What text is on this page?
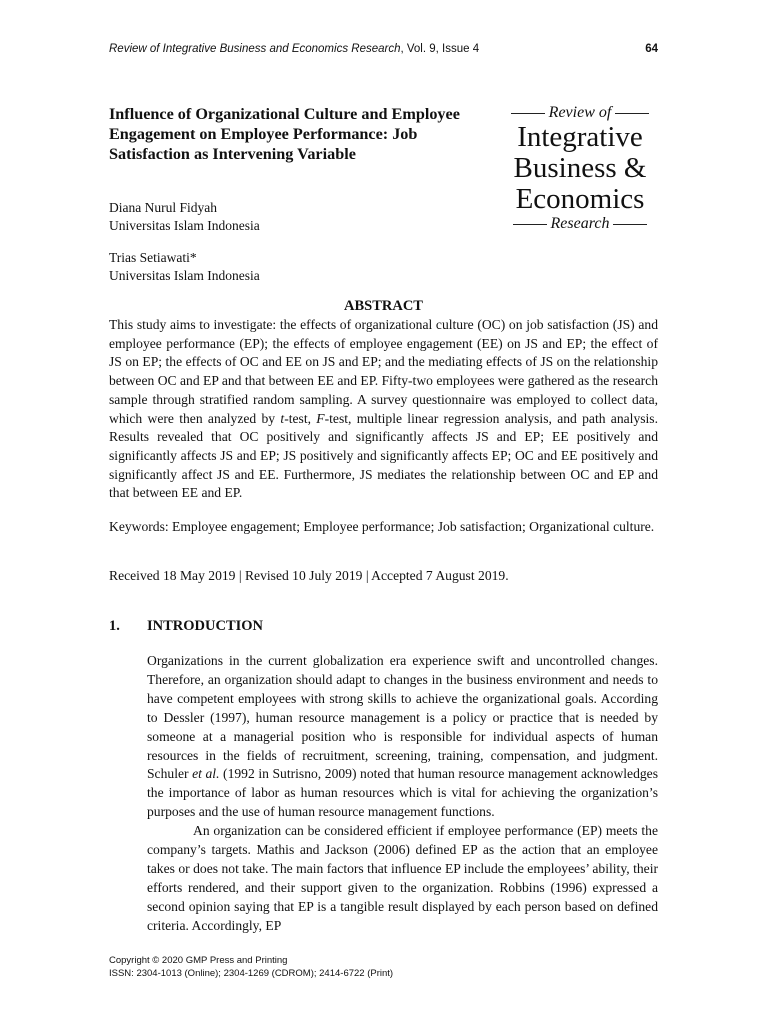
Review of Integrative Business and Economics Research, Vol. 9, Issue 4	64
Influence of Organizational Culture and Employee Engagement on Employee Performance: Job Satisfaction as Intervening Variable
Diana Nurul Fidyah
Universitas Islam Indonesia
Trias Setiawati*
Universitas Islam Indonesia
Review of
Integrative
Business &
Economics
Research
ABSTRACT

This study aims to investigate: the effects of organizational culture (OC) on job satisfaction (JS) and employee performance (EP); the effects of employee engagement (EE) on JS and EP; the effect of JS on EP; the effects of OC and EE on JS and EP; and the mediating effects of JS on the relationship between OC and EP and that between EE and EP. Fifty-two employees were gathered as the research sample through stratified random sampling. A survey questionnaire was employed to collect data, which were then analyzed by t-test, F-test, multiple linear regression analysis, and path analysis. Results revealed that OC positively and significantly affects JS and EP; EE positively and significantly affects JS and EP; JS positively and significantly affects EP; OC and EE positively and significantly affect JS and EE. Furthermore, JS mediates the relationship between OC and EP and that between EE and EP.

Keywords: Employee engagement; Employee performance; Job satisfaction; Organizational culture.

Received 18 May 2019 | Revised 10 July 2019 | Accepted 7 August 2019.
1. INTRODUCTION

Organizations in the current globalization era experience swift and uncontrolled changes. Therefore, an organization should adapt to changes in the business environment and needs to have competent employees with strong skills to achieve the organizational goals. According to Dessler (1997), human resource management is a policy or practice that is needed by someone at a managerial position who is responsible for individual aspects of human resources in the fields of recruitment, screening, training, compensation, and judgment. Schuler et al. (1992 in Sutrisno, 2009) noted that human resource management acknowledges the importance of labor as human resources which is vital for achieving the organization’s purposes and the use of human resource management functions.

An organization can be considered efficient if employee performance (EP) meets the company’s targets. Mathis and Jackson (2006) defined EP as the action that an employee takes or does not take. The main factors that influence EP include the employees’ ability, their efforts rendered, and their support given to the organization. Robbins (1996) expressed a second opinion saying that EP is a tangible result displayed by each person based on defined criteria. Accordingly, EP

Copyright © 2020 GMP Press and Printing
ISSN: 2304-1013 (Online); 2304-1269 (CDROM); 2414-6722 (Print)
